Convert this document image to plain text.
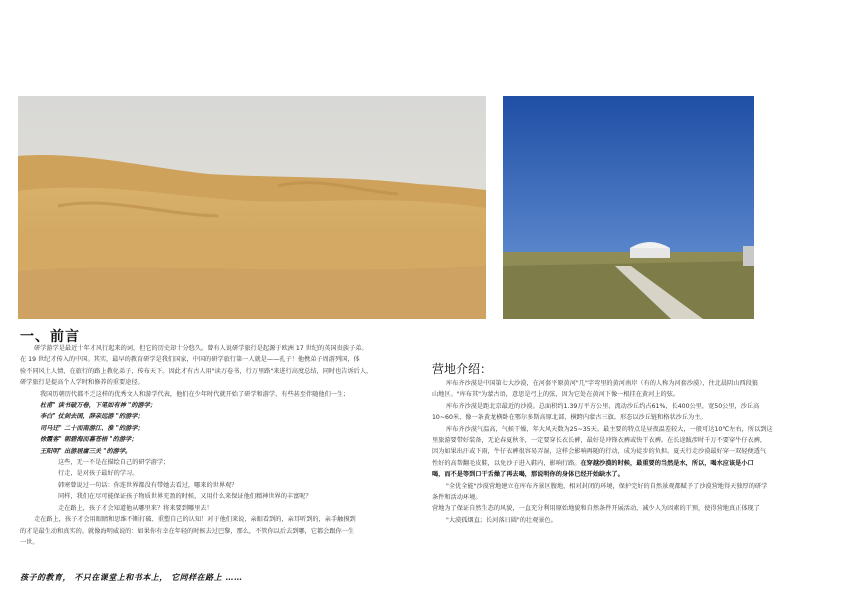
一、前言

研学游学是最近十年才风行起来的词，但它的历史却十分悠久。曾有人说研学旅行是起源于欧洲 17 世纪的英国贵族子弟。

在 19 世纪才传入的中国。其实，最早的教育研学是我们国家，中国的研学旅行第一人就是——孔子！他携弟子周游列国，体

验不同风土人情，在旅行的路上教化弟子，传布天下。因此才有古人用"读万卷书，行万里路"来进行高度总结，同时也告诉后人，

研学旅行是提高个人学时和修养的重要途径。

我国历朝历代都不乏这样的优秀文人和游学代表，他们在少年时代就开始了研学和游学，有些甚至伴随他们一生；

杜甫" 读书破万卷，下笔如有神 "的游学；

李白" 仗剑去国，辞亲远游 "的游学；

司马迁" 二十而南游江、淮 "的游学；

徐霞客" 朝碧海而暮苍梧 "的游学；

王阳明" 出游居庸三关 "的游学。

这些，无一不是在描绘自己的研学游学；

行走，是对孩子最好的学习。

韩寒曾说过一句话：你连世界都没有带她去看过，哪来的世界观？

同样，我们在尽可能保证孩子物质世界充盈的时候，又用什么来保证他们精神世界的丰富呢？

走在路上，孩子才会知道他从哪里来？将来要到哪里去！

走在路上，孩子才会用眼睛和思维不断打破、重塑自己的认知！对于他们来说，亲眼看到的，亲耳听到的，亲手触摸到

的才是最生动和真实的。就像海明威说的：如果你有幸在年轻的时候去过巴黎，那么，不管你以后去到哪，它都会跟你一生

一世。

孩子的教育， 不只在课堂上和书本上， 它同样在路上 ……
营地介绍：

库布齐沙漠是中国第七大沙漠，在河套平原黄河"几"字弯里的黄河南岸（有的人称为河套沙漠），往北晨阴山西段狼

山地区。"库布其"为蒙古语，意思是弓上的弦，因为它处在黄河下像一根挂在黄河上的弦。

库布齐沙漠是距北京最近的沙漠。总面积约1.39万平方公里，流动沙丘约占61%，长400公里，宽50公里，沙丘高

10~60米，像一条黄龙横卧在鄂尔多斯高原北部，横跨内蒙古三旗。形态以沙丘链和格状沙丘为主。

库布齐沙漠气温高，气候干燥，年大风天数为25~35天。最主要的特点是昼夜温差较大，一般可达10℃左右，所以到这

里旅游要带好装备，无论春夏秋冬，一定要穿长衣长裤，最好是冲锋衣裤或快干衣裤。在长途跋涉时千万不要穿牛仔衣裤，

因为如果出汗或下雨，牛仔衣裤很容易弄湿，这样会影响再随的行动，成为徒步的负担。夏天行走沙漠最好穿一双轻便透气

性好的高帮翻毛皮鞋，以免沙子进入鞋内，影响行路。在穿越沙漠的时候，最重要的当然是水，所以，喝水应该是小口

喝，而不是等到口干舌燥了再去喝，那说明你的身体已经开始缺水了。

"全优全能"沙漠营地建立在库布齐景区腹地，相对封闭的环境，保护完好的自然景观都赋予了沙漠营地得天独厚的研学

条件和活动环境。

营地为了保证自然生态的风貌，一直充分利用原始地貌和自然条件开展活动，减少人为因素的干预，使得营地真正体现了

"大漠孤烟直；长河落日圆"的壮观景色。
